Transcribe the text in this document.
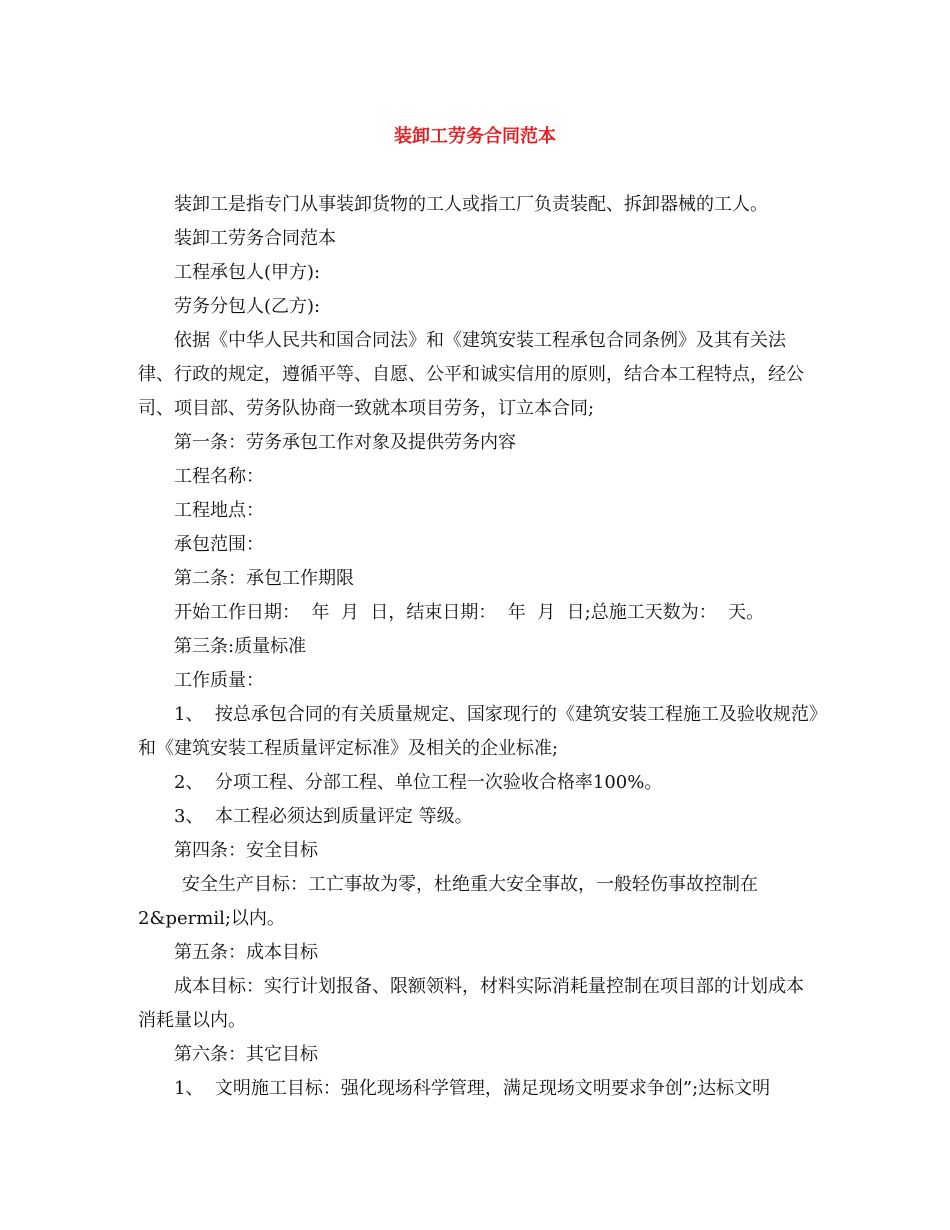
装卸工劳务合同范本

装卸工是指专门从事装卸货物的工人或指工厂负责装配、拆卸器械的工人。

装卸工劳务合同范本

工程承包人(甲方):

劳务分包人(乙方):

依据《中华人民共和国合同法》和《建筑安装工程承包合同条例》及其有关法律、行政的规定，遵循平等、自愿、公平和诚实信用的原则，结合本工程特点，经公司、项目部、劳务队协商一致就本项目劳务，订立本合同;

第一条：劳务承包工作对象及提供劳务内容

工程名称：

工程地点：

承包范围：

第二条：承包工作期限

开始工作日期：  年  月  日，结束日期：  年  月  日;总施工天数为：  天。

第三条:质量标准

工作质量：

1、  按总承包合同的有关质量规定、国家现行的《建筑安装工程施工及验收规范》和《建筑安装工程质量评定标准》及相关的企业标准;

2、  分项工程、分部工程、单位工程一次验收合格率100%。

3、  本工程必须达到质量评定 等级。

第四条：安全目标

安全生产目标：工亡事故为零，杜绝重大安全事故，一般轻伤事故控制在2&permil;以内。

第五条：成本目标

成本目标：实行计划报备、限额领料，材料实际消耗量控制在项目部的计划成本消耗量以内。

第六条：其它目标

1、  文明施工目标：强化现场科学管理，满足现场文明要求争创”;达标文明
